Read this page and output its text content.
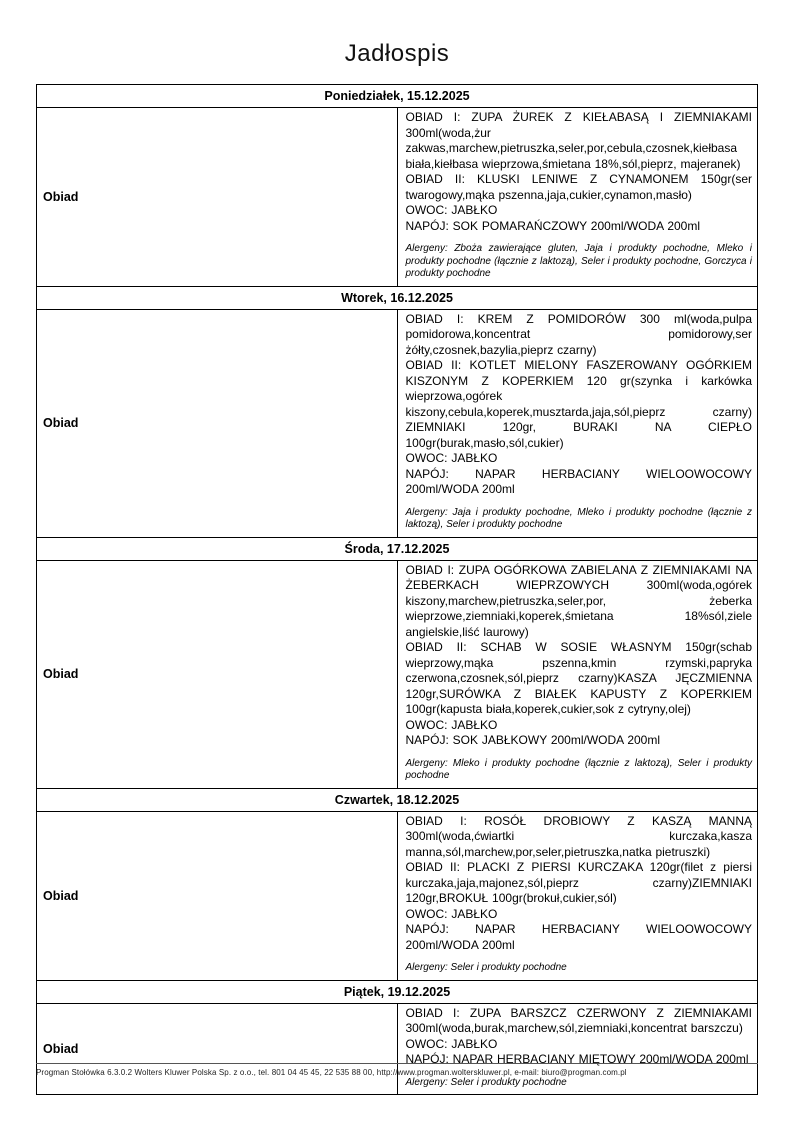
Jadłospis
Poniedziałek, 15.12.2025	
Obiad	OBIAD I: ZUPA ŻUREK Z KIEŁABASĄ I ZIEMNIAKAMI 300ml(woda,żur zakwas,marchew,pietruszka,seler,por,cebula,czosnek,kiełbasa biała,kiełbasa wieprzowa,śmietana 18%,sól,pieprz, majeranek)
OBIAD II: KLUSKI LENIWE Z CYNAMONEM 150gr(ser twarogowy,mąka pszenna,jaja,cukier,cynamon,masło)
OWOC: JABŁKO
NAPÓJ: SOK POMARAŃCZOWY 200ml/WODA 200ml
Alergeny: Zboża zawierające gluten, Jaja i produkty pochodne, Mleko i produkty pochodne (łącznie z laktozą), Seler i produkty pochodne, Gorczyca i produkty pochodne

Wtorek, 16.12.2025	
Obiad	OBIAD I: KREM Z POMIDORÓW 300 ml(woda,pulpa pomidorowa,koncentrat pomidorowy,ser żółty,czosnek,bazylia,pieprz czarny)
OBIAD II: KOTLET MIELONY FASZEROWANY OGÓRKIEM KISZONYM Z KOPERKIEM 120 gr(szynka i karkówka wieprzowa,ogórek kiszony,cebula,koperek,musztarda,jaja,sól,pieprz czarny) ZIEMNIAKI 120gr, BURAKI NA CIEPŁO 100gr(burak,masło,sól,cukier)
OWOC: JABŁKO
NAPÓJ: NAPAR HERBACIANY WIELOOWOCOWY 200ml/WODA 200ml
Alergeny: Jaja i produkty pochodne, Mleko i produkty pochodne (łącznie z laktozą), Seler i produkty pochodne

Środa, 17.12.2025	
Obiad	OBIAD I: ZUPA OGÓRKOWA ZABIELANA Z ZIEMNIAKAMI NA ŻEBERKACH WIEPRZOWYCH 300ml(woda,ogórek kiszony,marchew,pietruszka,seler,por, żeberka wieprzowe,ziemniaki,koperek,śmietana 18%sól,ziele angielskie,liść laurowy)
OBIAD II: SCHAB W SOSIE WŁASNYM 150gr(schab wieprzowy,mąka pszenna,kmin rzymski,papryka czerwona,czosnek,sól,pieprz czarny)KASZA JĘCZMIENNA 120gr,SURÓWKA Z BIAŁEK KAPUSTY Z KOPERKIEM 100gr(kapusta biała,koperek,cukier,sok z cytryny,olej)
OWOC: JABŁKO
NAPÓJ: SOK JABŁKOWY 200ml/WODA 200ml
Alergeny: Mleko i produkty pochodne (łącznie z laktozą), Seler i produkty pochodne

Czwartek, 18.12.2025	
Obiad	OBIAD I: ROSÓŁ DROBIOWY Z KASZĄ MANNĄ 300ml(woda,ćwiartki kurczaka,kasza manna,sól,marchew,por,seler,pietruszka,natka pietruszki)
OBIAD II: PLACKI Z PIERSI KURCZAKA 120gr(filet z piersi kurczaka,jaja,majonez,sól,pieprz czarny)ZIEMNIAKI 120gr,BROKUŁ 100gr(brokuł,cukier,sól)
OWOC: JABŁKO
NAPÓJ: NAPAR HERBACIANY WIELOOWOCOWY 200ml/WODA 200ml
Alergeny: Seler i produkty pochodne

Piątek, 19.12.2025	
Obiad	OBIAD I: ZUPA BARSZCZ CZERWONY Z ZIEMNIAKAMI 300ml(woda,burak,marchew,sól,ziemniaki,koncentrat barszczu)
OWOC: JABŁKO
NAPÓJ: NAPAR HERBACIANY MIĘTOWY 200ml/WODA 200ml
Alergeny: Seler i produkty pochodne
Progman Stołówka 6.3.0.2 Wolters Kluwer Polska Sp. z o.o., tel. 801 04 45 45, 22 535 88 00, http://www.progman.wolterskluwer.pl, e-mail: biuro@progman.com.pl
